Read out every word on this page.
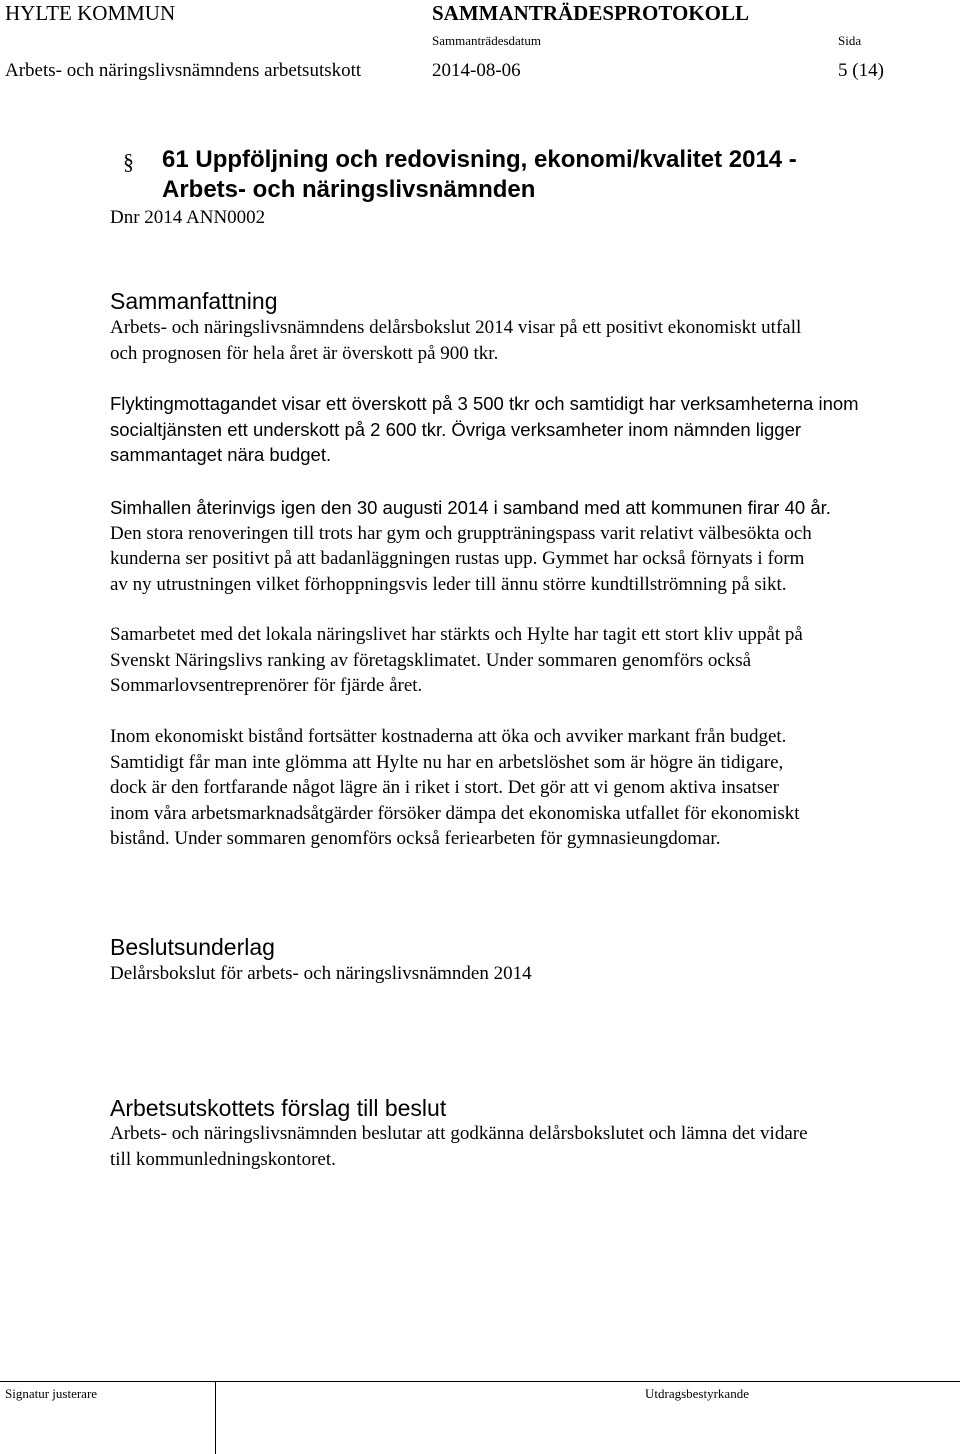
HYLTE KOMMUN	SAMMANTRÄDESPROTOKOLL
Sammanträdesdatum	Sida
Arbets- och näringslivsnämndens arbetsutskott	2014-08-06	5 (14)
§ 61 Uppföljning och redovisning, ekonomi/kvalitet 2014 -
Arbets- och näringslivsnämnden
Dnr 2014 ANN0002
Sammanfattning

Arbets- och näringslivsnämndens delårsbokslut 2014 visar på ett positivt ekonomiskt utfall
och prognosen för hela året är överskott på 900 tkr.

Flyktingmottagandet visar ett överskott på 3 500 tkr och samtidigt har verksamheterna inom
socialtjänsten ett underskott på 2 600 tkr. Övriga verksamheter inom nämnden ligger
sammantaget nära budget.

Simhallen återinvigs igen den 30 augusti 2014 i samband med att kommunen firar 40 år.
Den stora renoveringen till trots har gym och gruppträningspass varit relativt välbesökta och
kunderna ser positivt på att badanläggningen rustas upp. Gymmet har också förnyats i form
av ny utrustningen vilket förhoppningsvis leder till ännu större kundtillströmning på sikt.

Samarbetet med det lokala näringslivet har stärkts och Hylte har tagit ett stort kliv uppåt på
Svenskt Näringslivs ranking av företagsklimatet. Under sommaren genomförs också
Sommarlovsentreprenörer för fjärde året.

Inom ekonomiskt bistånd fortsätter kostnaderna att öka och avviker markant från budget.
Samtidigt får man inte glömma att Hylte nu har en arbetslöshet som är högre än tidigare,
dock är den fortfarande något lägre än i riket i stort. Det gör att vi genom aktiva insatser
inom våra arbetsmarknadsåtgärder försöker dämpa det ekonomiska utfallet för ekonomiskt
bistånd. Under sommaren genomförs också feriearbeten för gymnasieungdomar.

Beslutsunderlag

Delårsbokslut för arbets- och näringslivsnämnden 2014

Arbetsutskottets förslag till beslut

Arbets- och näringslivsnämnden beslutar att godkänna delårsbokslutet och lämna det vidare
till kommunledningskontoret.

Signatur justerare	Utdragsbestyrkande
